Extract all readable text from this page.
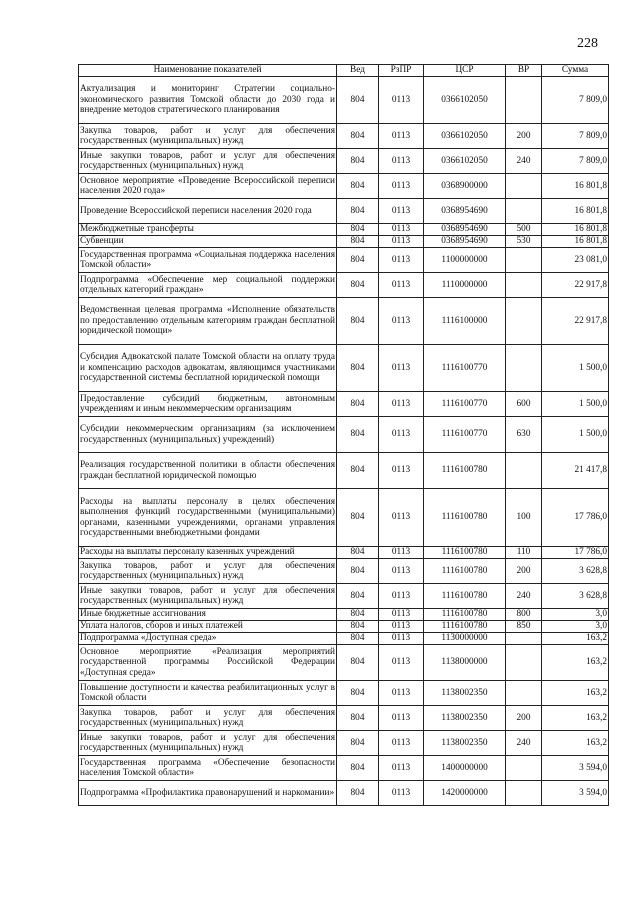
228
Наименование показателей	Вед	РзПР	ЦСР	ВР	Сумма
Актуализация и мониторинг Стратегии социально-экономического развития Томской области до 2030 года и внедрение методов стратегического планирования	804	0113	0366102050		7 809,0
Закупка товаров, работ и услуг для обеспечения государственных (муниципальных) нужд	804	0113	0366102050	200	7 809,0
Иные закупки товаров, работ и услуг для обеспечения государственных (муниципальных) нужд	804	0113	0366102050	240	7 809,0
Основное мероприятие «Проведение Всероссийской переписи населения 2020 года»	804	0113	0368900000		16 801,8
Проведение Всероссийской переписи населения 2020 года	804	0113	0368954690		16 801,8
Межбюджетные трансферты	804	0113	0368954690	500	16 801,8
Субвенции	804	0113	0368954690	530	16 801,8
Государственная программа «Социальная поддержка населения Томской области»	804	0113	1100000000		23 081,0
Подпрограмма «Обеспечение мер социальной поддержки отдельных категорий граждан»	804	0113	1110000000		22 917,8
Ведомственная целевая программа «Исполнение обязательств по предоставлению отдельным категориям граждан бесплатной юридической помощи»	804	0113	1116100000		22 917,8
Субсидия Адвокатской палате Томской области на оплату труда и компенсацию расходов адвокатам, являющимся участниками государственной системы бесплатной юридической помощи	804	0113	1116100770		1 500,0
Предоставление субсидий бюджетным, автономным учреждениям и иным некоммерческим организациям	804	0113	1116100770	600	1 500,0
Субсидии некоммерческим организациям (за исключением государственных (муниципальных) учреждений)	804	0113	1116100770	630	1 500,0
Реализация государственной политики в области обеспечения граждан бесплатной юридической помощью	804	0113	1116100780		21 417,8
Расходы на выплаты персоналу в целях обеспечения выполнения функций государственными (муниципальными) органами, казенными учреждениями, органами управления государственными внебюджетными фондами	804	0113	1116100780	100	17 786,0
Расходы на выплаты персоналу казенных учреждений	804	0113	1116100780	110	17 786,0
Закупка товаров, работ и услуг для обеспечения государственных (муниципальных) нужд	804	0113	1116100780	200	3 628,8
Иные закупки товаров, работ и услуг для обеспечения государственных (муниципальных) нужд	804	0113	1116100780	240	3 628,8
Иные бюджетные ассигнования	804	0113	1116100780	800	3,0
Уплата налогов, сборов и иных платежей	804	0113	1116100780	850	3,0
Подпрограмма «Доступная среда»	804	0113	1130000000		163,2
Основное мероприятие «Реализация мероприятий государственной программы Российской Федерации «Доступная среда»	804	0113	1138000000		163,2
Повышение доступности и качества реабилитационных услуг в Томской области	804	0113	1138002350		163,2
Закупка товаров, работ и услуг для обеспечения государственных (муниципальных) нужд	804	0113	1138002350	200	163,2
Иные закупки товаров, работ и услуг для обеспечения государственных (муниципальных) нужд	804	0113	1138002350	240	163,2
Государственная программа «Обеспечение безопасности населения Томской области»	804	0113	1400000000		3 594,0
Подпрограмма «Профилактика правонарушений и наркомании»	804	0113	1420000000		3 594,0
